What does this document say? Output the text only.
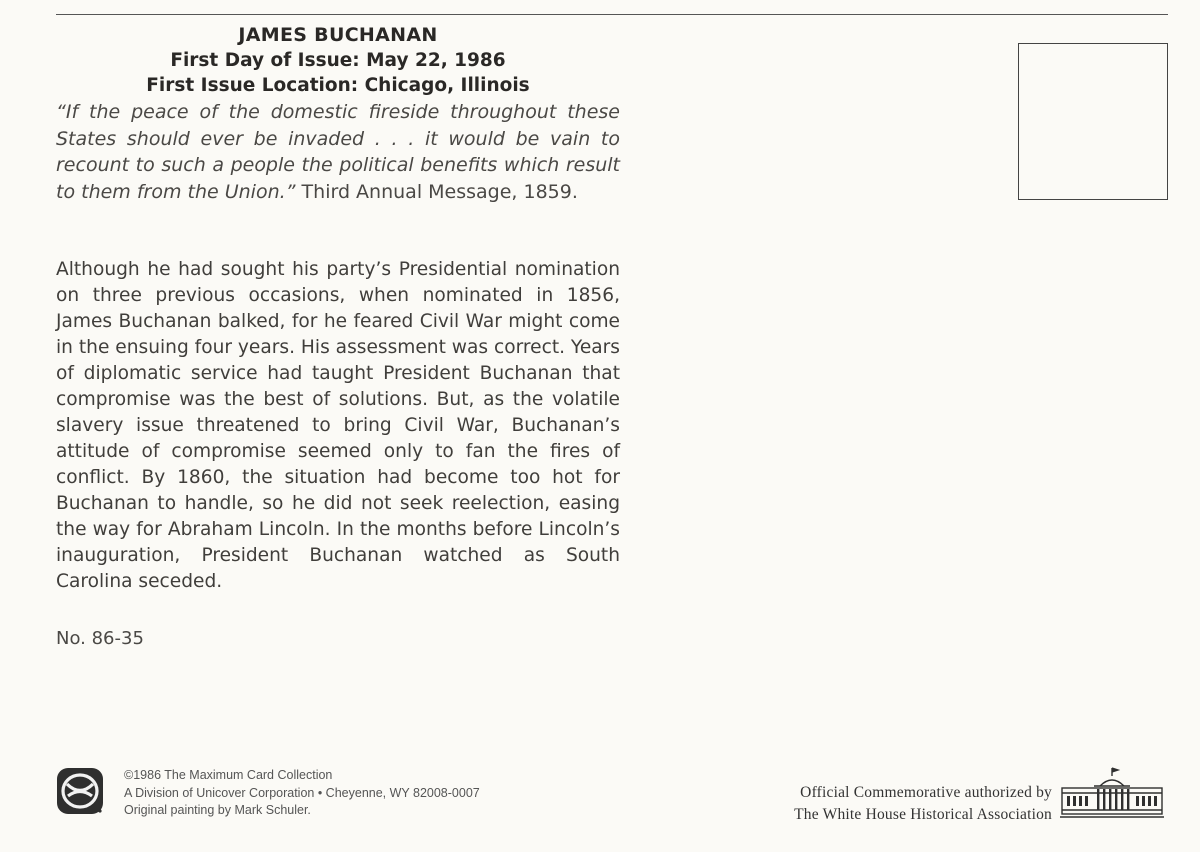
JAMES BUCHANAN
First Day of Issue: May 22, 1986
First Issue Location: Chicago, Illinois

“If the peace of the domestic fireside throughout these States should ever be invaded . . . it would be vain to recount to such a people the political benefits which result to them from the Union.” Third Annual Message, 1859.

Although he had sought his party’s Presidential nomination on three previous occasions, when nominated in 1856, James Buchanan balked, for he feared Civil War might come in the ensuing four years. His assessment was correct. Years of diplomatic service had taught President Buchanan that compromise was the best of solutions. But, as the volatile slavery issue threatened to bring Civil War, Buchanan’s attitude of compromise seemed only to fan the fires of conflict. By 1860, the situation had become too hot for Buchanan to handle, so he did not seek reelection, easing the way for Abraham Lincoln. In the months before Lincoln’s inauguration, President Buchanan watched as South Carolina seceded.

No. 86-35
©1986 The Maximum Card Collection
A Division of Unicover Corporation • Cheyenne, WY 82008-0007
Original painting by Mark Schuler.
Official Commemorative authorized by
The White House Historical Association
